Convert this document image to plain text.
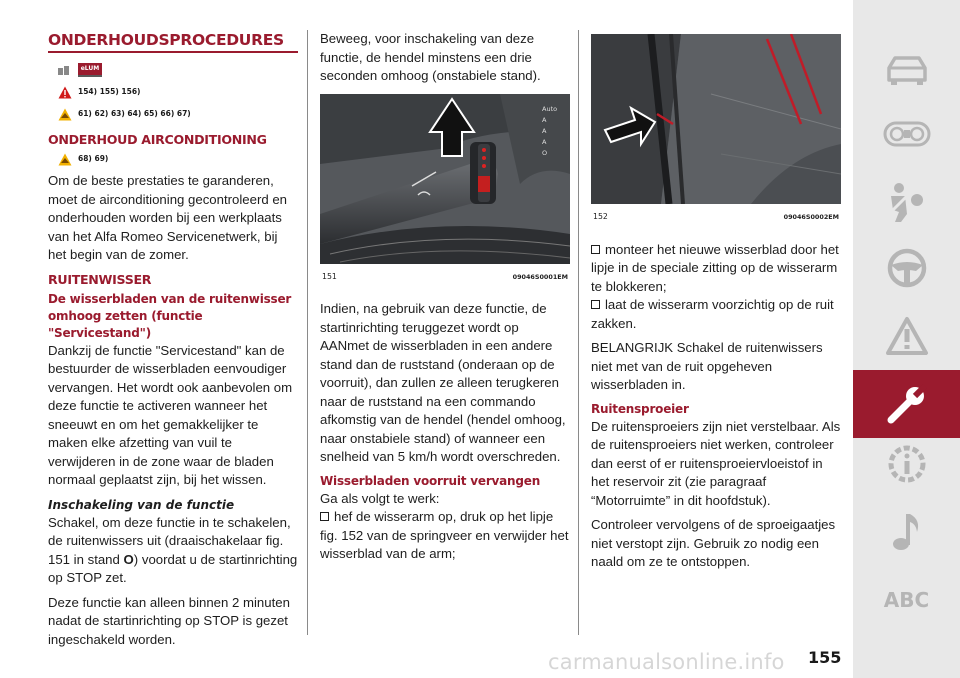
ONDERHOUDSPROCEDURES
eLUM
154) 155) 156)
61) 62) 63) 64) 65) 66) 67)
ONDERHOUD AIRCONDITIONING
68) 69)

Om de beste prestaties te garanderen, moet de airconditioning gecontroleerd en onderhouden worden bij een werkplaats van het Alfa Romeo Servicenetwerk, bij het begin van de zomer.

RUITENWISSER
De wisserbladen van de ruitenwisser omhoog zetten (functie "Servicestand")

Dankzij de functie "Servicestand" kan de bestuurder de wisserbladen eenvoudiger vervangen. Het wordt ook aanbevolen om deze functie te activeren wanneer het sneeuwt en om het gemakkelijker te maken elke afzetting van vuil te verwijderen in de zone waar de bladen normaal geplaatst zijn, bij het wissen.

Inschakeling van de functie

Schakel, om deze functie in te schakelen, de ruitenwissers uit (draaischakelaar fig. 151 in stand O) voordat u de startinrichting op STOP zet.

Deze functie kan alleen binnen 2 minuten nadat de startinrichting op STOP is gezet ingeschakeld worden.

Beweeg, voor inschakeling van deze functie, de hendel minstens een drie seconden omhoog (onstabiele stand).

Auto
A
A
A
O
151	09046S0001EM

Indien, na gebruik van deze functie, de startinrichting teruggezet wordt op AANmet de wisserbladen in een andere stand dan de ruststand (onderaan op de voorruit), dan zullen ze alleen terugkeren naar de ruststand na een commando afkomstig van de hendel (hendel omhoog, naar onstabiele stand) of wanneer een snelheid van 5 km/h wordt overschreden.

Wisserbladen voorruit vervangen
Ga als volgt te werk:

hef de wisserarm op, druk op het lipje fig. 152 van de springveer en verwijder het wisserblad van de arm;

152	09046S0002EM

monteer het nieuwe wisserblad door het lipje in de speciale zitting op de wisserarm te blokkeren;

laat de wisserarm voorzichtig op de ruit zakken.

BELANGRIJK Schakel de ruitenwissers niet met van de ruit opgeheven wisserbladen in.

Ruitensproeier

De ruitensproeiers zijn niet verstelbaar. Als de ruitensproeiers niet werken, controleer dan eerst of er ruitensproeiervloeistof in het reservoir zit (zie paragraaf “Motorruimte” in dit hoofdstuk).

Controleer vervolgens of de sproeigaatjes niet verstopt zijn. Gebruik zo nodig een naald om ze te ontstoppen.

ABC
carmanualsonline.info 155
